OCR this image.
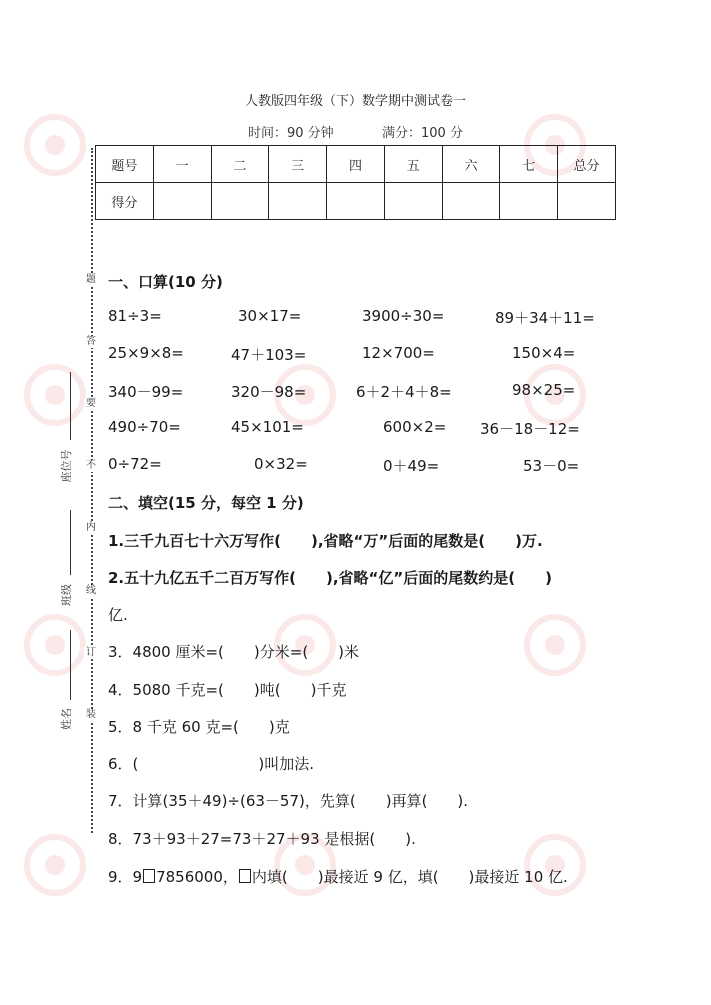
人教版四年级（下）数学期中测试卷一
时间：90 分钟	满分：100 分
题号	一	二	三	四	五	六	七	总分
得分								
题
答
要
不
内
线
订
装
座位号
班级
姓名
一、口算(10 分)
81÷3=	30×17=	3900÷30=	89＋34＋11=
25×9×8=	47＋103=	12×700=	150×4=
340－99=	320－98=	6＋2＋4＋8=	98×25=
490÷70=	45×101=	600×2= 36－18－12=
0÷72=	0×32=	0＋49=	53－0=
二、填空(15 分，每空 1 分)
1.三千九百七十六万写作(　　),省略“万”后面的尾数是(　　)万.
2.五十九亿五千二百万写作(　　),省略“亿”后面的尾数约是(　　)
亿.
3．4800 厘米=(　　)分米=(　　)米
4．5080 千克=(　　)吨(　　)千克
5．8 千克 60 克=(　　)克
6．(　　　　　　　　)叫加法.
7．计算(35＋49)÷(63－57)，先算(　　)再算(　　).
8．73＋93＋27=73＋27＋93 是根据(　　).
9．9 7856000， 内填(　　)最接近 9 亿，填(　　)最接近 10 亿.
